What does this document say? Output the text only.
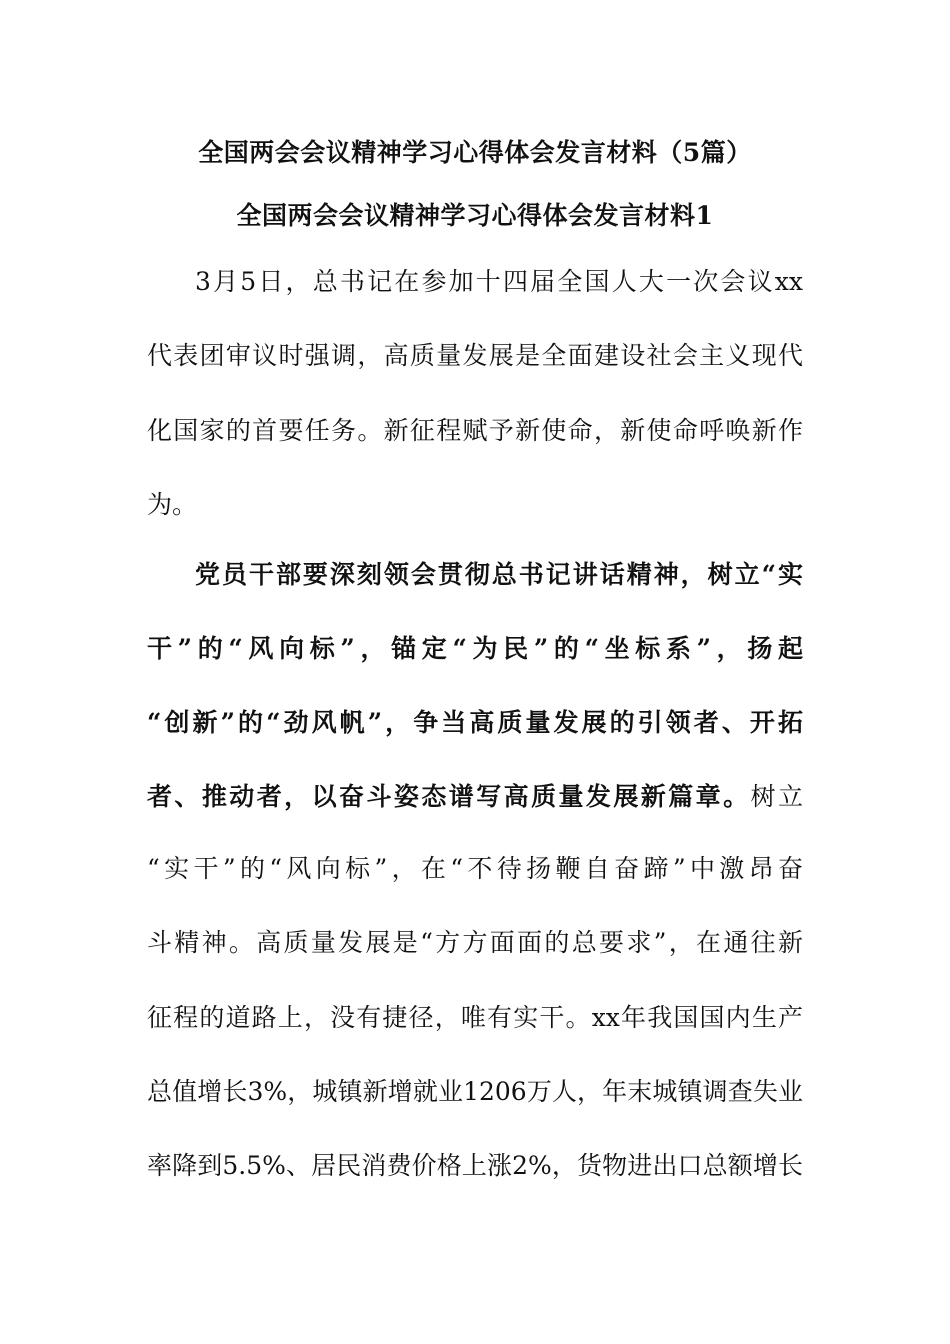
全国两会会议精神学习心得体会发言材料（5篇）
全国两会会议精神学习心得体会发言材料1
3月5日，总书记在参加十四届全国人大一次会议xx
代表团审议时强调，高质量发展是全面建设社会主义现代
化国家的首要任务。新征程赋予新使命，新使命呼唤新作
为。
党员干部要深刻领会贯彻总书记讲话精神，树立“实
干”的“风向标”，锚定“为民”的“坐标系”，扬起
“创新”的“劲风帆”，争当高质量发展的引领者、开拓
者、推动者，以奋斗姿态谱写高质量发展新篇章。树立
“实干”的“风向标”，在“不待扬鞭自奋蹄”中激昂奋
斗精神。高质量发展是“方方面面的总要求”，在通往新
征程的道路上，没有捷径，唯有实干。xx年我国国内生产
总值增长3%，城镇新增就业1206万人，年末城镇调查失业
率降到5.5%、居民消费价格上涨2%，货物进出口总额增长
